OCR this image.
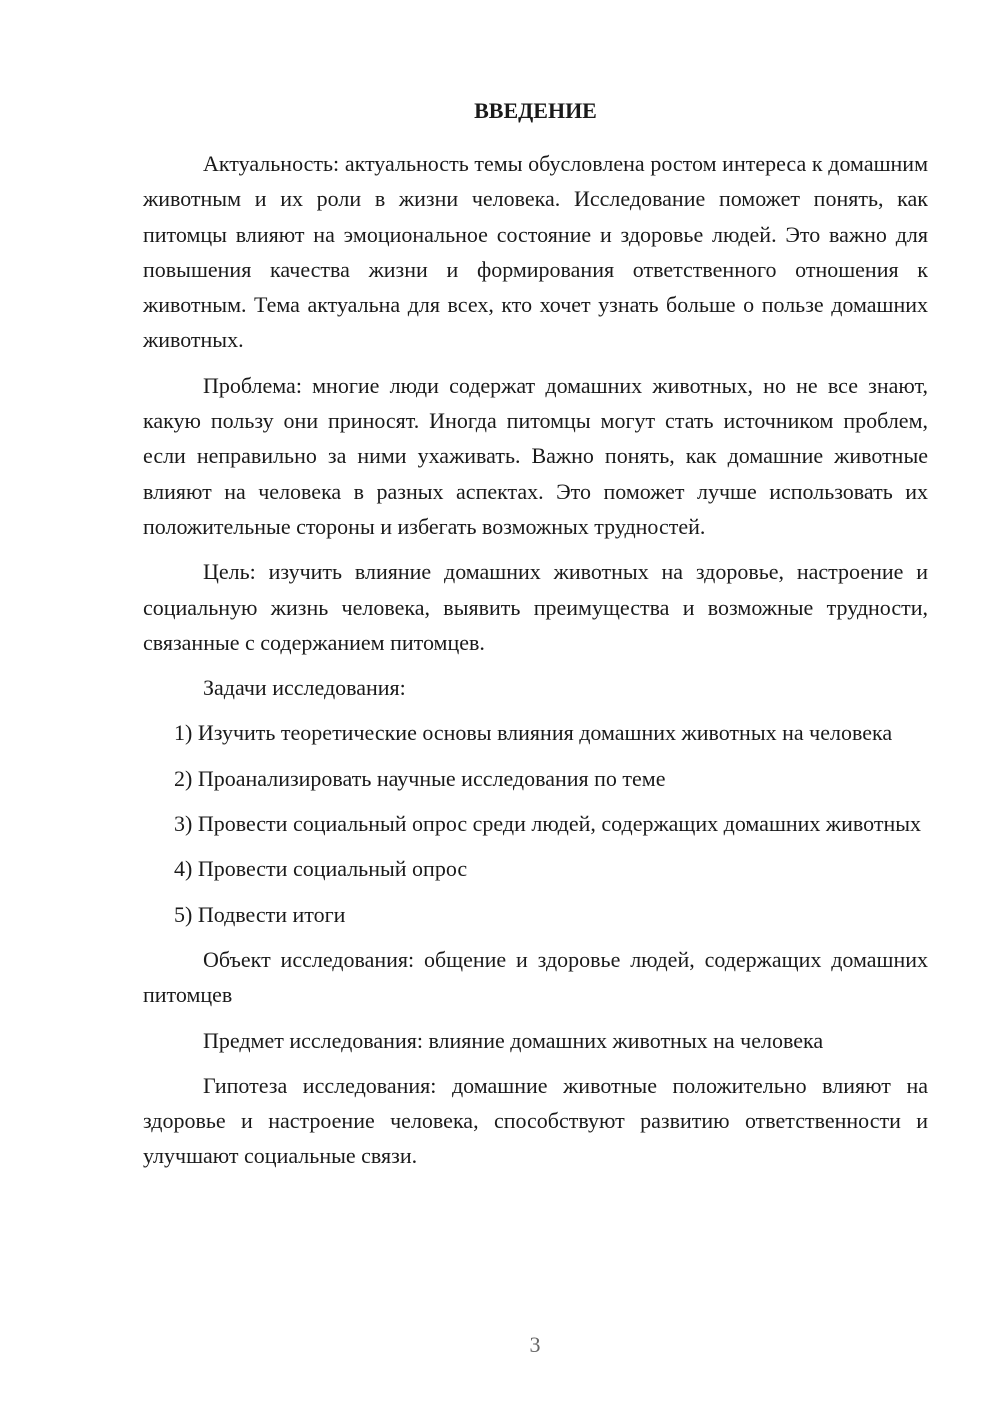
ВВЕДЕНИЕ

Актуальность: актуальность темы обусловлена ростом интереса к домашним животным и их роли в жизни человека. Исследование поможет понять, как питомцы влияют на эмоциональное состояние и здоровье людей. Это важно для повышения качества жизни и формирования ответственного отношения к животным. Тема актуальна для всех, кто хочет узнать больше о пользе домашних животных.

Проблема: многие люди содержат домашних животных, но не все знают, какую пользу они приносят. Иногда питомцы могут стать источником проблем, если неправильно за ними ухаживать. Важно понять, как домашние животные влияют на человека в разных аспектах. Это поможет лучше использовать их положительные стороны и избегать возможных трудностей.

Цель: изучить влияние домашних животных на здоровье, настроение и социальную жизнь человека, выявить преимущества и возможные трудности, связанные с содержанием питомцев.

Задачи исследования:

1) Изучить теоретические основы влияния домашних животных на человека

2) Проанализировать научные исследования по теме

3) Провести социальный опрос среди людей, содержащих домашних животных

4) Провести социальный опрос

5) Подвести итоги

Объект исследования: общение и здоровье людей, содержащих домашних питомцев

Предмет исследования: влияние домашних животных на человека

Гипотеза исследования: домашние животные положительно влияют на здоровье и настроение человека, способствуют развитию ответственности и улучшают социальные связи.

3
